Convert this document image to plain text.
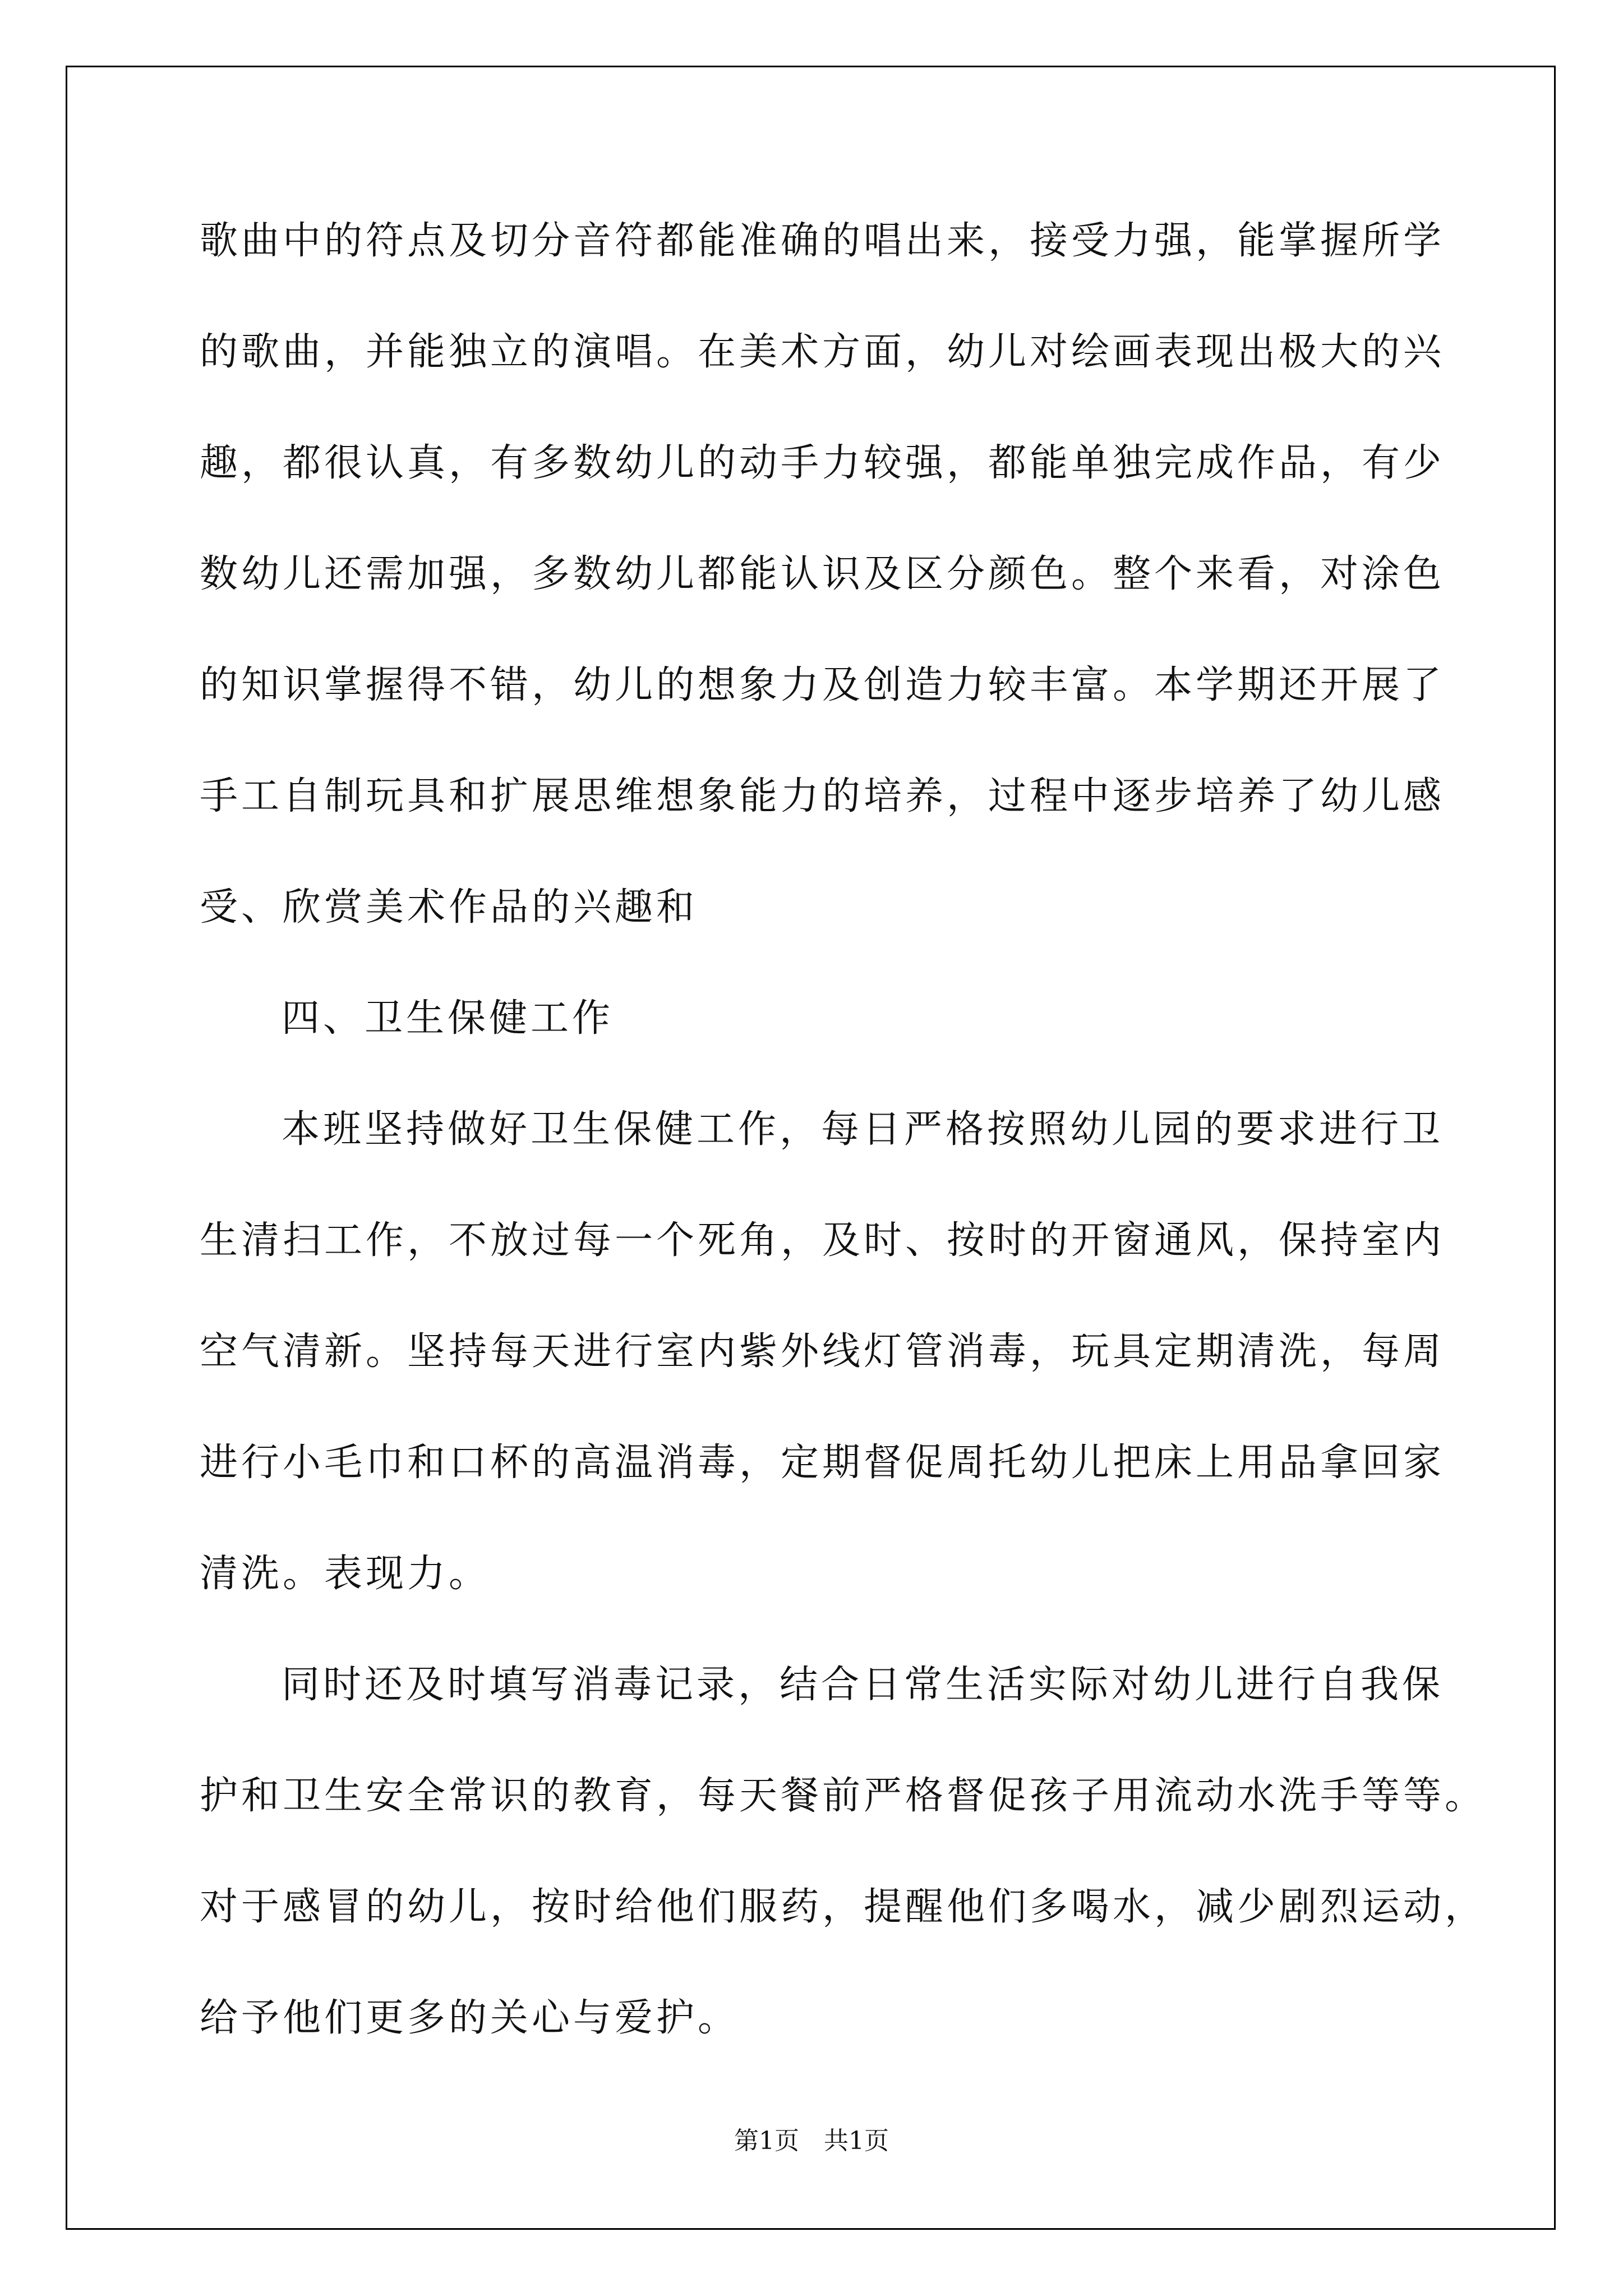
歌曲中的符点及切分音符都能准确的唱出来，接受力强，能掌握所学
的歌曲，并能独立的演唱。在美术方面，幼儿对绘画表现出极大的兴
趣，都很认真，有多数幼儿的动手力较强，都能单独完成作品，有少
数幼儿还需加强，多数幼儿都能认识及区分颜色。整个来看，对涂色
的知识掌握得不错，幼儿的想象力及创造力较丰富。本学期还开展了
手工自制玩具和扩展思维想象能力的培养，过程中逐步培养了幼儿感
受、欣赏美术作品的兴趣和
四、卫生保健工作
本班坚持做好卫生保健工作，每日严格按照幼儿园的要求进行卫
生清扫工作，不放过每一个死角，及时、按时的开窗通风，保持室内
空气清新。坚持每天进行室内紫外线灯管消毒，玩具定期清洗，每周
进行小毛巾和口杯的高温消毒，定期督促周托幼儿把床上用品拿回家
清洗。表现力。
同时还及时填写消毒记录，结合日常生活实际对幼儿进行自我保
护和卫生安全常识的教育，每天餐前严格督促孩子用流动水洗手等等。
对于感冒的幼儿，按时给他们服药，提醒他们多喝水，减少剧烈运动，
给予他们更多的关心与爱护。
第1页　共1页
